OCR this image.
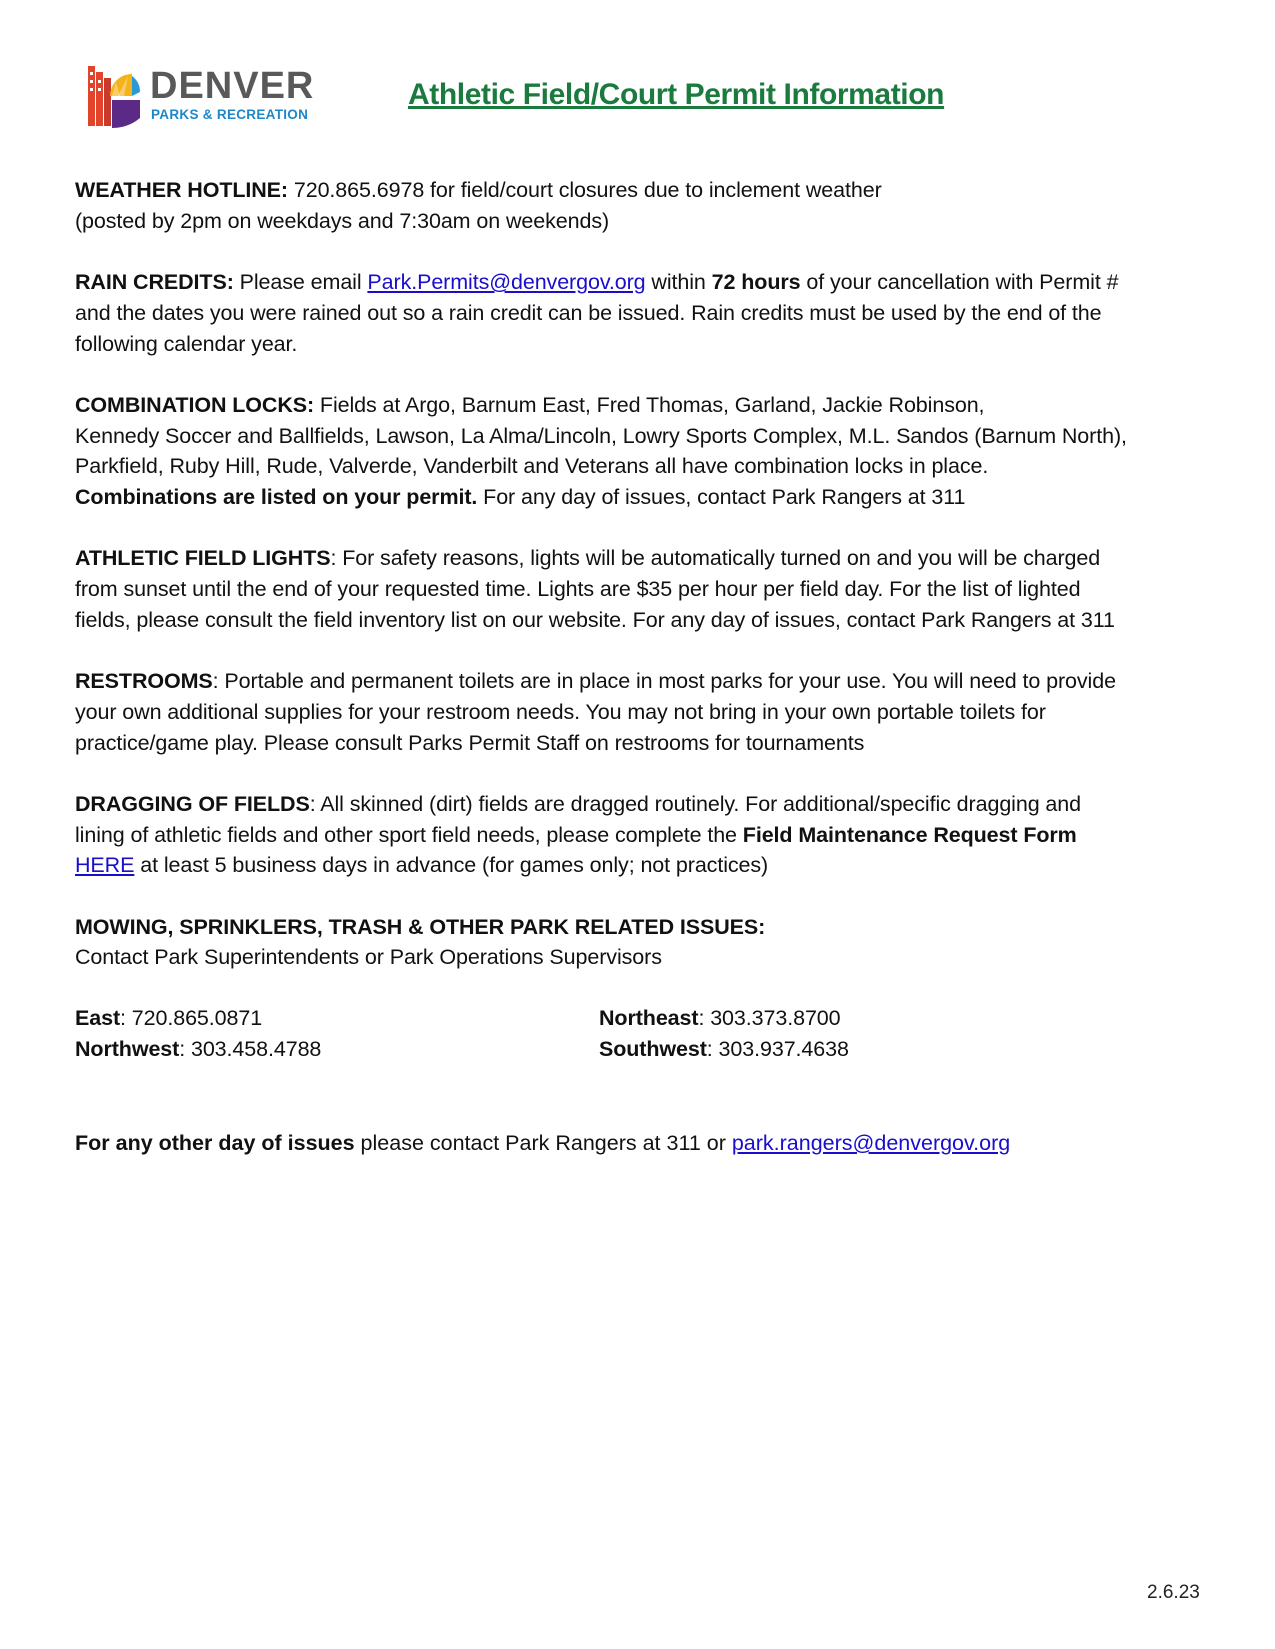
DENVER
PARKS & RECREATION
Athletic Field/Court Permit Information
WEATHER HOTLINE: 720.865.6978 for field/court closures due to inclement weather
(posted by 2pm on weekdays and 7:30am on weekends)
RAIN CREDITS: Please email Park.Permits@denvergov.org within 72 hours of your cancellation with Permit #
and the dates you were rained out so a rain credit can be issued. Rain credits must be used by the end of the
following calendar year.
COMBINATION LOCKS: Fields at Argo, Barnum East, Fred Thomas, Garland, Jackie Robinson,
Kennedy Soccer and Ballfields, Lawson, La Alma/Lincoln, Lowry Sports Complex, M.L. Sandos (Barnum North),
Parkfield, Ruby Hill, Rude, Valverde, Vanderbilt and Veterans all have combination locks in place.
Combinations are listed on your permit. For any day of issues, contact Park Rangers at 311
ATHLETIC FIELD LIGHTS: For safety reasons, lights will be automatically turned on and you will be charged
from sunset until the end of your requested time. Lights are $35 per hour per field day. For the list of lighted
fields, please consult the field inventory list on our website. For any day of issues, contact Park Rangers at 311
RESTROOMS: Portable and permanent toilets are in place in most parks for your use. You will need to provide
your own additional supplies for your restroom needs. You may not bring in your own portable toilets for
practice/game play. Please consult Parks Permit Staff on restrooms for tournaments
DRAGGING OF FIELDS: All skinned (dirt) fields are dragged routinely. For additional/specific dragging and
lining of athletic fields and other sport field needs, please complete the Field Maintenance Request Form
HERE at least 5 business days in advance (for games only; not practices)
MOWING, SPRINKLERS, TRASH & OTHER PARK RELATED ISSUES:
Contact Park Superintendents or Park Operations Supervisors
East: 720.865.0871	Northeast: 303.373.8700
Northwest: 303.458.4788	Southwest: 303.937.4638
For any other day of issues please contact Park Rangers at 311 or park.rangers@denvergov.org
2.6.23
